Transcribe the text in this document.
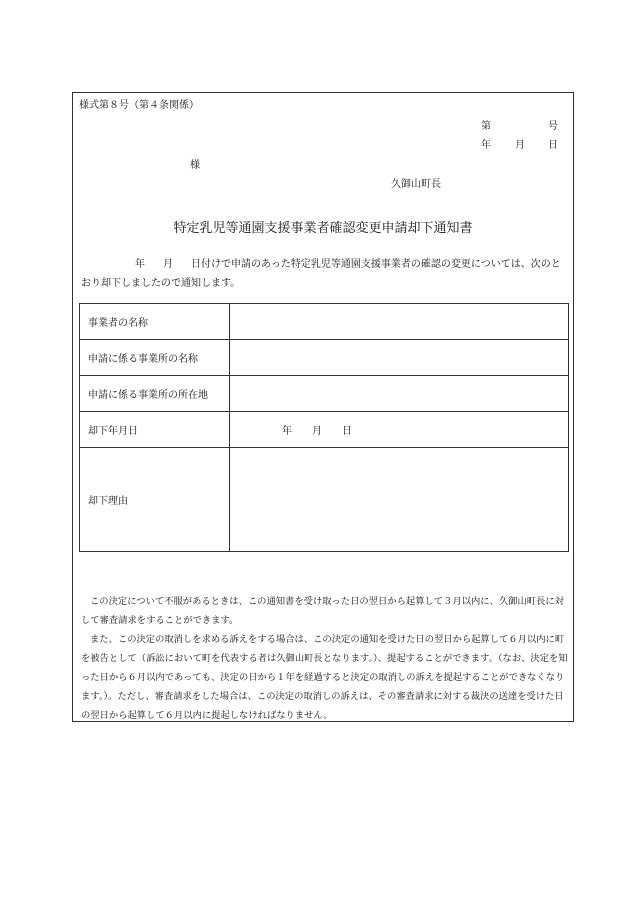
様式第８号（第４条関係）
第	号
年 月 日
様
久御山町長
特定乳児等通園支援事業者確認変更申請却下通知書
年 月 日付けで申請のあった特定乳児等通園支援事業者の確認の変更については、次のとおり却下しましたので通知します。
事業者の名称	
申請に係る事業所の名称	
申請に係る事業所の所在地	
却下年月日	年 月 日
却下理由	

この決定について不服があるときは、この通知書を受け取った日の翌日から起算して３月以内に、久御山町長に対して審査請求をすることができます。

また、この決定の取消しを求める訴えをする場合は、この決定の通知を受けた日の翌日から起算して６月以内に町を被告として（訴訟において町を代表する者は久御山町長となります。）、提起することができます。（なお、決定を知った日から６月以内であっても、決定の日から１年を経過すると決定の取消しの訴えを提起することができなくなります。）。ただし、審査請求をした場合は、この決定の取消しの訴えは、その審査請求に対する裁決の送達を受けた日の翌日から起算して６月以内に提起しなければなりません。
